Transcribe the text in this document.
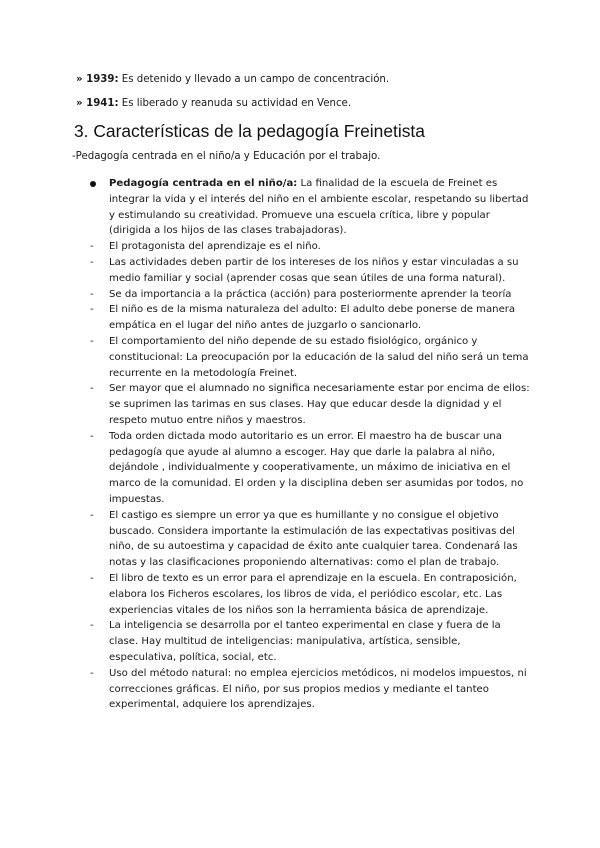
» 1939: Es detenido y llevado a un campo de concentración.
» 1941: Es liberado y reanuda su actividad en Vence.
3. Características de la pedagogía Freinetista
-Pedagogía centrada en el niño/a y Educación por el trabajo.
Pedagogía centrada en el niño/a: La finalidad de la escuela de Freinet es integrar la vida y el interés del niño en el ambiente escolar, respetando su libertad y estimulando su creatividad. Promueve una escuela crítica, libre y popular (dirigida a los hijos de las clases trabajadoras).
-	El protagonista del aprendizaje es el niño.
-	Las actividades deben partir de los intereses de los niños y estar vinculadas a su medio familiar y social (aprender cosas que sean útiles de una forma natural).
-	Se da importancia a la práctica (acción) para posteriormente aprender la teoría
-	El niño es de la misma naturaleza del adulto: El adulto debe ponerse de manera empática en el lugar del niño antes de juzgarlo o sancionarlo.
-	El comportamiento del niño depende de su estado fisiológico, orgánico y constitucional: La preocupación por la educación de la salud del niño será un tema recurrente en la metodología Freinet.
-	Ser mayor que el alumnado no significa necesariamente estar por encima de ellos: se suprimen las tarimas en sus clases. Hay que educar desde la dignidad y el respeto mutuo entre niños y maestros.
-	Toda orden dictada modo autoritario es un error. El maestro ha de buscar una pedagogía que ayude al alumno a escoger. Hay que darle la palabra al niño, dejándole , individualmente y cooperativamente, un máximo de iniciativa en el marco de la comunidad. El orden y la disciplina deben ser asumidas por todos, no impuestas.
-	El castigo es siempre un error ya que es humillante y no consigue el objetivo buscado. Considera importante la estimulación de las expectativas positivas del niño, de su autoestima y capacidad de éxito ante cualquier tarea. Condenará las notas y las clasificaciones proponiendo alternativas: como el plan de trabajo.
-	El libro de texto es un error para el aprendizaje en la escuela. En contraposición, elabora los Ficheros escolares, los libros de vida, el periódico escolar, etc. Las experiencias vitales de los niños son la herramienta básica de aprendizaje.
-	La inteligencia se desarrolla por el tanteo experimental en clase y fuera de la clase. Hay multitud de inteligencias: manipulativa, artística, sensible, especulativa, política, social, etc.
-	Uso del método natural: no emplea ejercicios metódicos, ni modelos impuestos, ni correcciones gráficas. El niño, por sus propios medios y mediante el tanteo experimental, adquiere los aprendizajes.
